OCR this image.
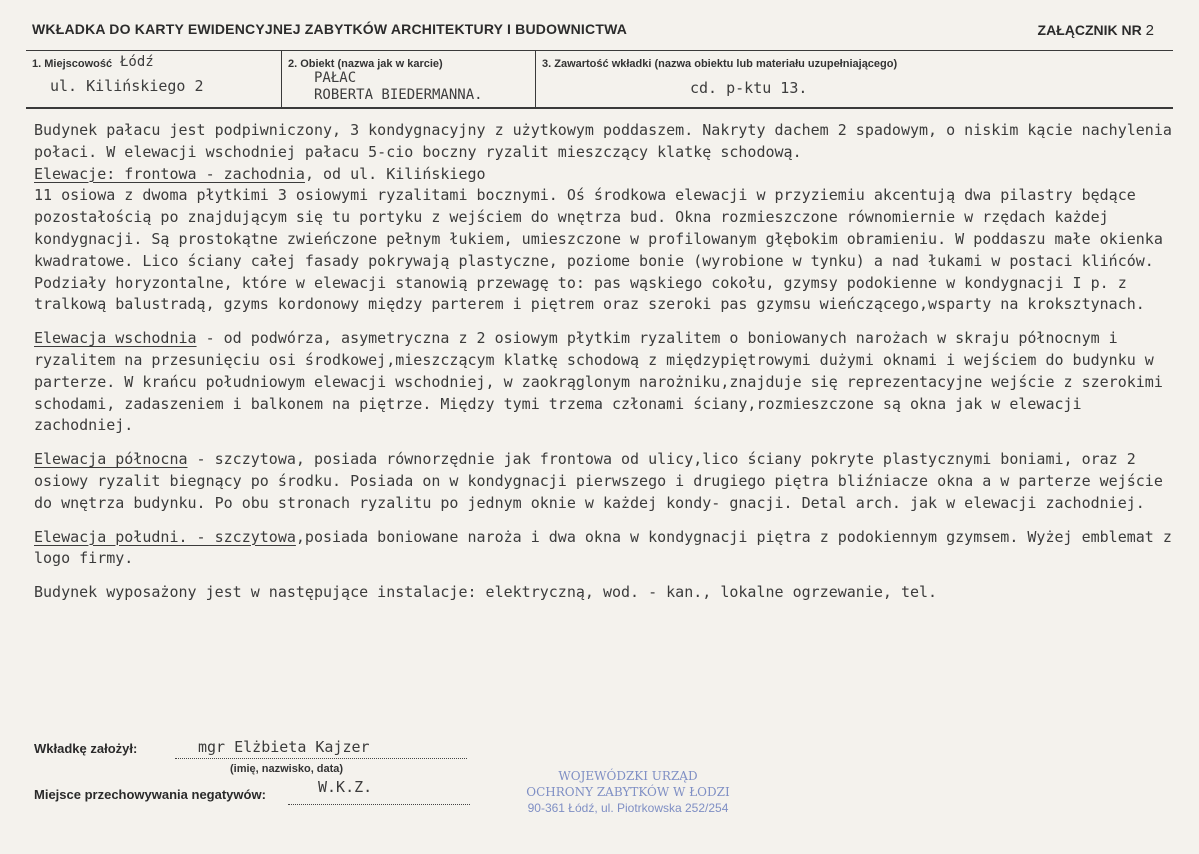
WKŁADKA DO KARTY EWIDENCYJNEJ ZABYTKÓW ARCHITEKTURY I BUDOWNICTWA	ZAŁĄCZNIK NR 2
1. Miejscowość Łódź
ul. Kilińskiego 2
2. Obiekt (nazwa jak w karcie)
PAŁAC
ROBERTA BIEDERMANNA.
3. Zawartość wkładki (nazwa obiektu lub materiału uzupełniającego)
cd. p-ktu 13.

Budynek pałacu jest podpiwniczony, 3 kondygnacyjny z użytkowym poddaszem. Nakryty dachem 2 spadowym, o niskim kącie nachylenia połaci. W elewacji wschodniej pałacu 5-cio boczny ryzalit mieszczący klatkę schodową.

Elewacje: frontowa - zachodnia, od ul. Kilińskiego
11 osiowa z dwoma płytkimi 3 osiowymi ryzalitami bocznymi. Oś środkowa elewacji w przyziemiu akcentują dwa pilastry będące pozostałością po znajdującym się tu portyku z wejściem do wnętrza bud. Okna rozmieszczone równomiernie w rzędach każdej kondygnacji. Są prostokątne zwieńczone pełnym łukiem, umieszczone w profilowanym głębokim obramieniu. W poddaszu małe okienka kwadratowe. Lico ściany całej fasady pokrywają plastyczne, poziome bonie (wyrobione w tynku) a nad łukami w postaci klińców. Podziały horyzontalne, które w elewacji stanowią przewagę to: pas wąskiego cokołu, gzymsy podokienne w kondygnacji I p. z tralkową balustradą, gzyms kordonowy między parterem i piętrem oraz szeroki pas gzymsu wieńczącego,wsparty na kroksztynach.

Elewacja wschodnia - od podwórza, asymetryczna z 2 osiowym płytkim ryzalitem o boniowanych narożach w skraju północnym i ryzalitem na przesunięciu osi środkowej,mieszczącym klatkę schodową z międzypiętrowymi dużymi oknami i wejściem do budynku w parterze. W krańcu południowym elewacji wschodniej, w zaokrąglonym narożniku,znajduje się reprezentacyjne wejście z szerokimi schodami, zadaszeniem i balkonem na piętrze. Między tymi trzema członami ściany,rozmieszczone są okna jak w elewacji zachodniej.

Elewacja północna - szczytowa, posiada równorzędnie jak frontowa od ulicy,lico ściany pokryte plastycznymi boniami, oraz 2 osiowy ryzalit biegnący po środku. Posiada on w kondygnacji pierwszego i drugiego piętra bliźniacze okna a w parterze wejście do wnętrza budynku. Po obu stronach ryzalitu po jednym oknie w każdej kondy- gnacji. Detal arch. jak w elewacji zachodniej.

Elewacja południ. - szczytowa,posiada boniowane naroża i dwa okna w kondygnacji piętra z podokiennym gzymsem. Wyżej emblemat z logo firmy.

Budynek wyposażony jest w następujące instalacje: elektryczną, wod. - kan., lokalne ogrzewanie, tel.

Wkładkę założył:	mgr Elżbieta Kajzer
(imię, nazwisko, data)
Miejsce przechowywania negatywów:	W.K.Z.
WOJEWÓDZKI URZĄD
OCHRONY ZABYTKÓW W ŁODZI
90-361 Łódź, ul. Piotrkowska 252/254
